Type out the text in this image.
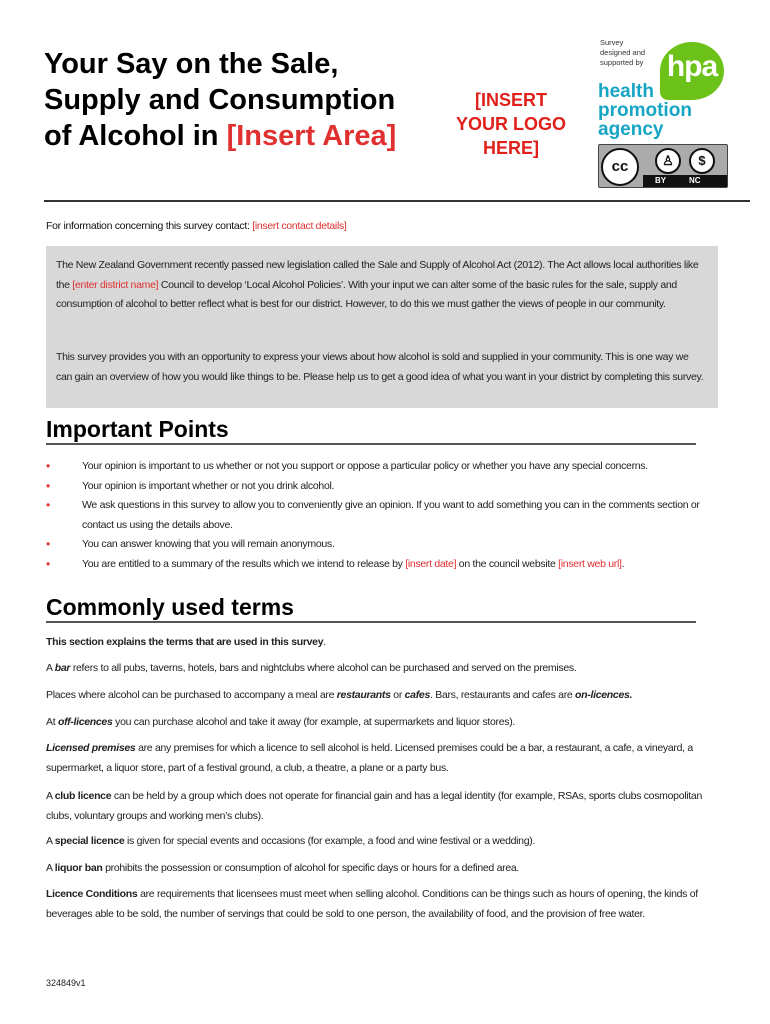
Your Say on the Sale,
Supply and Consumption
of Alcohol in [Insert Area]
[INSERT
YOUR LOGO
HERE]
Survey
designed and
supported by hpa
health
promotion
agency
cc	♙	$
BY	NC
For information concerning this survey contact: [insert contact details]

The New Zealand Government recently passed new legislation called the Sale and Supply of Alcohol Act (2012). The Act allows local authorities like the [enter district name] Council to develop ‘Local Alcohol Policies’. With your input we can alter some of the basic rules for the sale, supply and consumption of alcohol to better reflect what is best for our district. However, to do this we must gather the views of people in our community.

This survey provides you with an opportunity to express your views about how alcohol is sold and supplied in your community. This is one way we can gain an overview of how you would like things to be. Please help us to get a good idea of what you want in your district by completing this survey.

Important Points
•	Your opinion is important to us whether or not you support or oppose a particular policy or whether you have any special concerns.
•	Your opinion is important whether or not you drink alcohol.
•	We ask questions in this survey to allow you to conveniently give an opinion. If you want to add something you can in the comments section or contact us using the details above.
•	You can answer knowing that you will remain anonymous.
•	You are entitled to a summary of the results which we intend to release by [insert date] on the council website [insert web url].
Commonly used terms

This section explains the terms that are used in this survey.

A bar refers to all pubs, taverns, hotels, bars and nightclubs where alcohol can be purchased and served on the premises.

Places where alcohol can be purchased to accompany a meal are restaurants or cafes. Bars, restaurants and cafes are on-licences.

At off-licences you can purchase alcohol and take it away (for example, at supermarkets and liquor stores).

Licensed premises are any premises for which a licence to sell alcohol is held. Licensed premises could be a bar, a restaurant, a cafe, a vineyard, a supermarket, a liquor store, part of a festival ground, a club, a theatre, a plane or a party bus.

A club licence can be held by a group which does not operate for financial gain and has a legal identity (for example, RSAs, sports clubs cosmopolitan clubs, voluntary groups and working men’s clubs).

A special licence is given for special events and occasions (for example, a food and wine festival or a wedding).

A liquor ban prohibits the possession or consumption of alcohol for specific days or hours for a defined area.

Licence Conditions are requirements that licensees must meet when selling alcohol. Conditions can be things such as hours of opening, the kinds of beverages able to be sold, the number of servings that could be sold to one person, the availability of food, and the provision of free water.

324849v1
